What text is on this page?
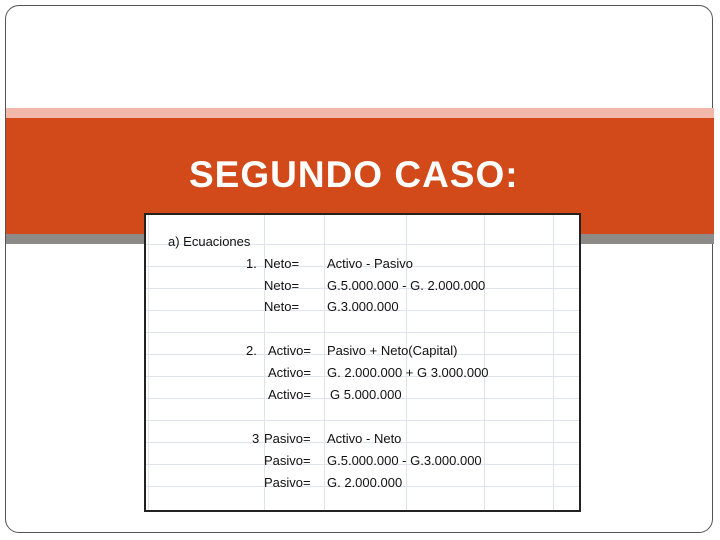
SEGUNDO CASO:
a) Ecuaciones
1. Neto= Activo - Pasivo
Neto= G.5.000.000 - G. 2.000.000
Neto= G.3.000.000
2. Activo= Pasivo + Neto(Capital)
Activo= G. 2.000.000 + G 3.000.000
Activo= G 5.000.000
3 Pasivo= Activo - Neto
Pasivo= G.5.000.000 - G.3.000.000
Pasivo= G. 2.000.000
